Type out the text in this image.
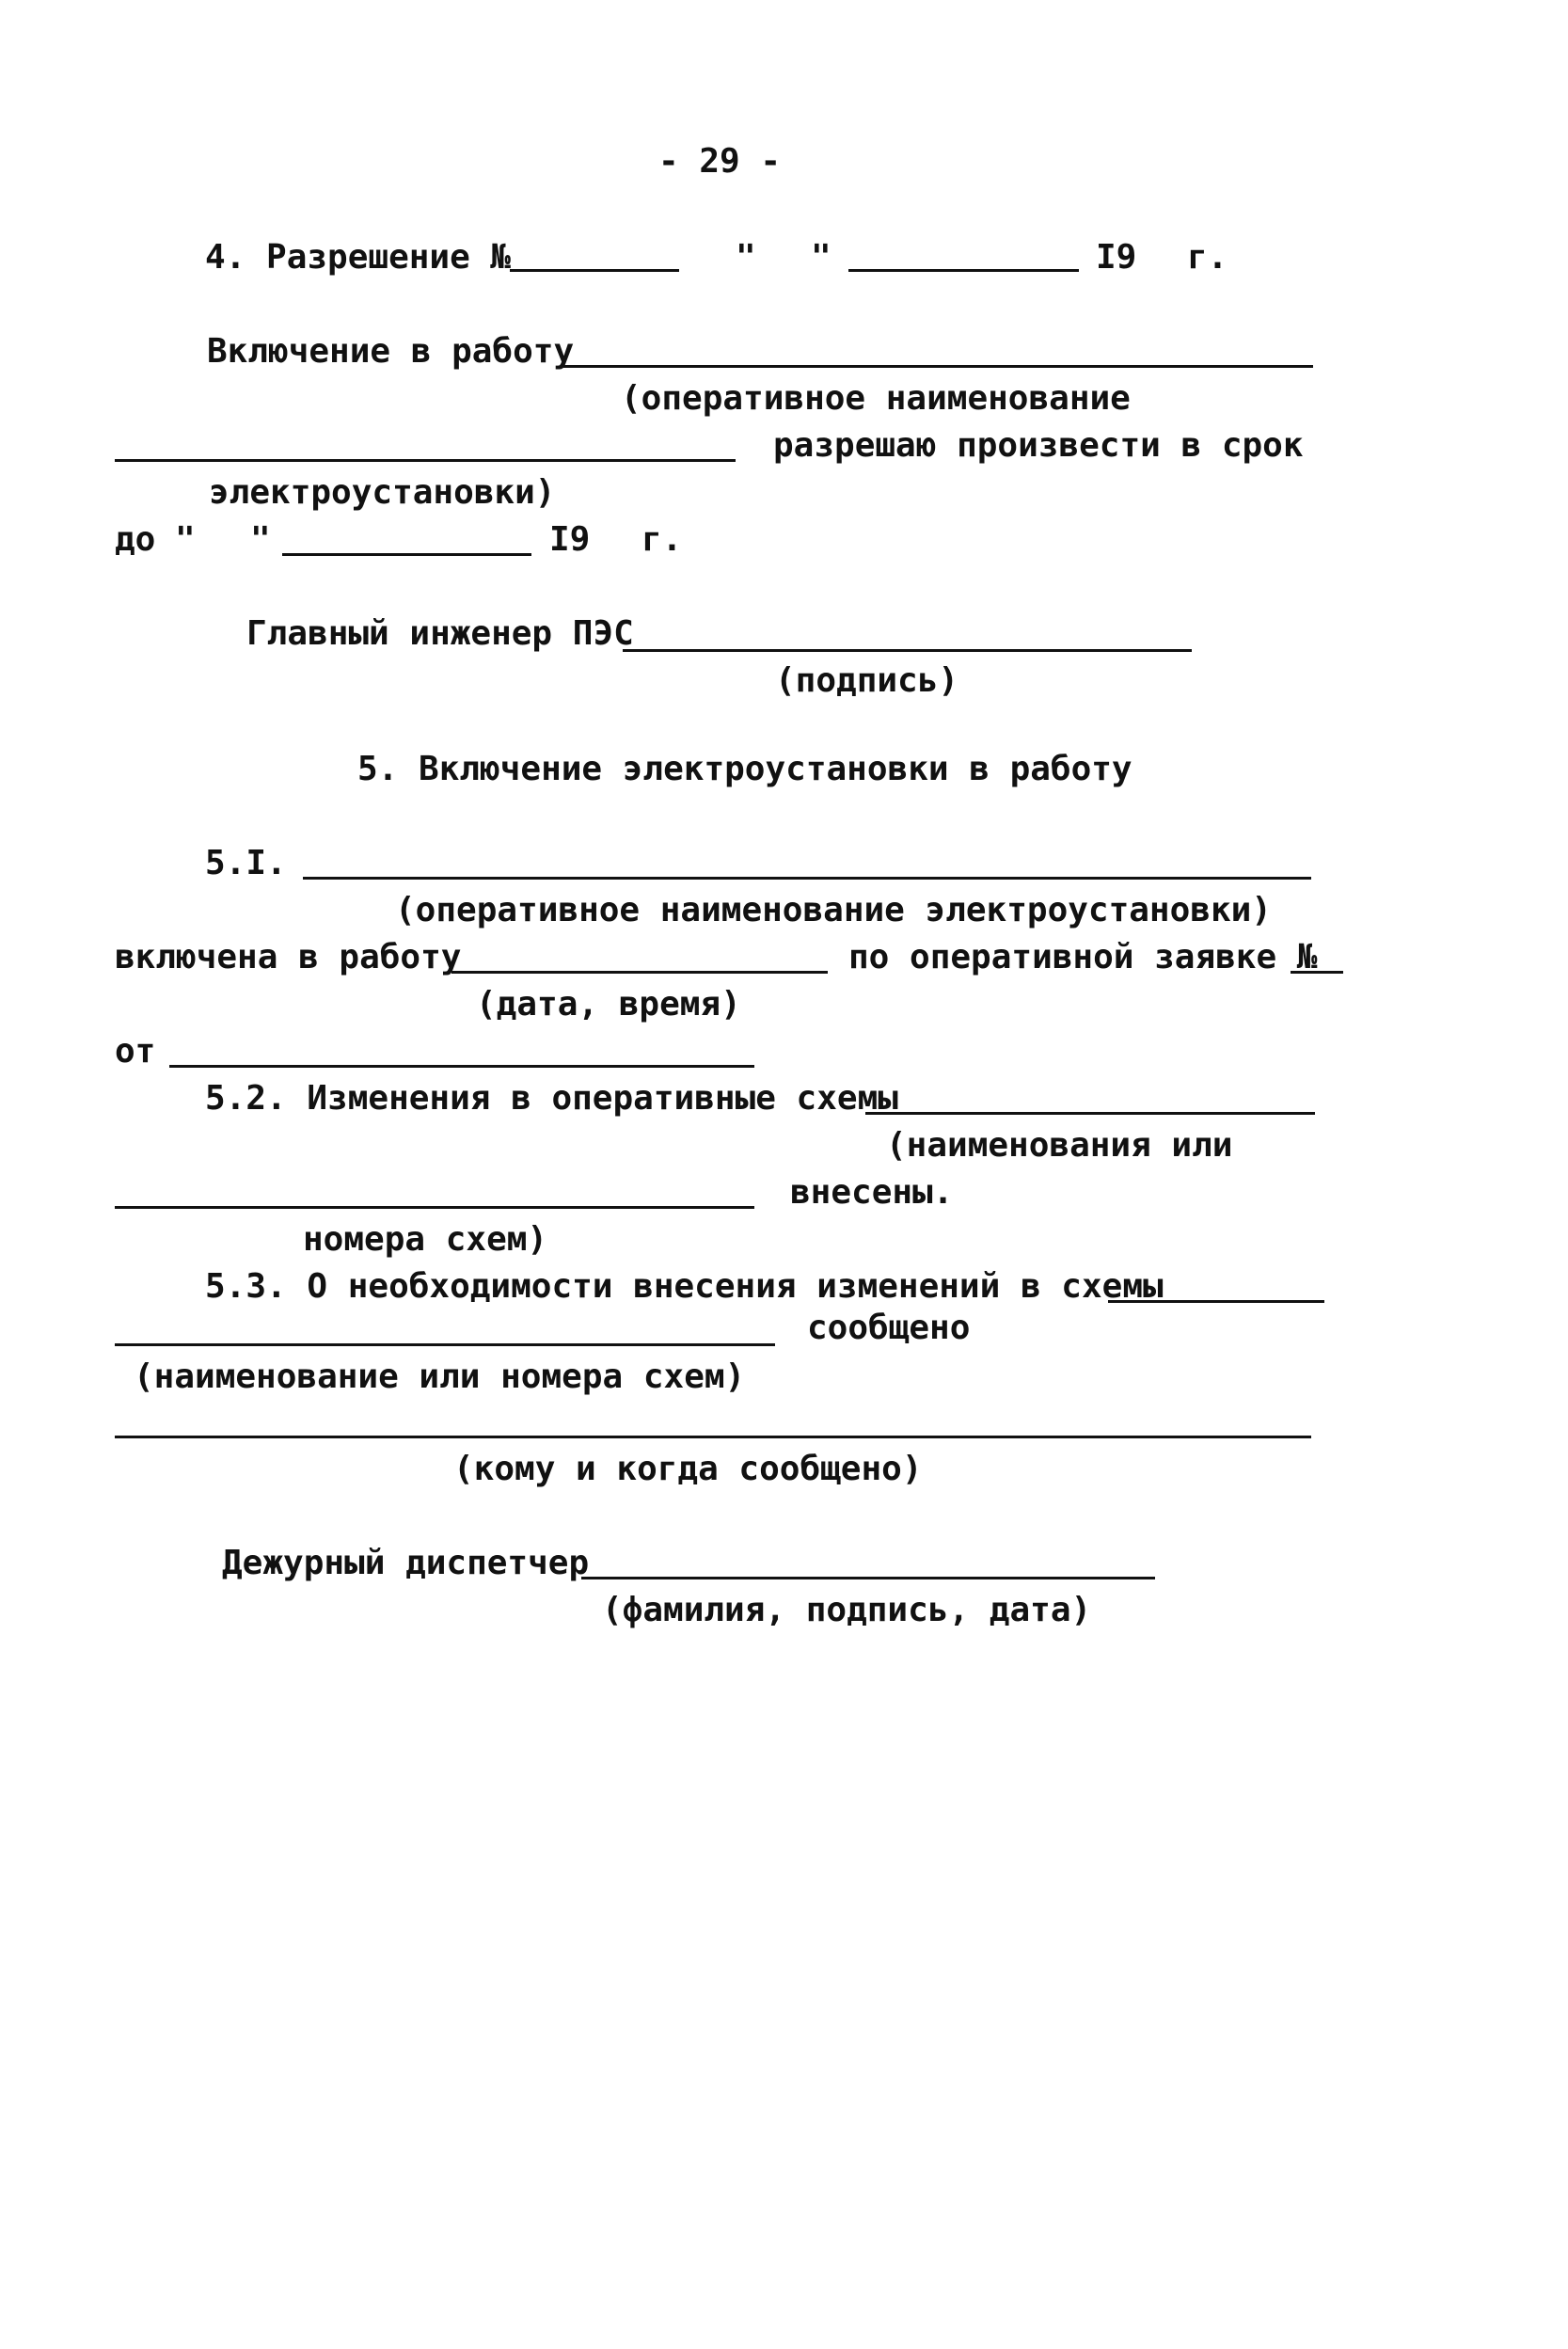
- 29 -
4. Разрешение №	" "	I9 г.
Включение в работу
(оперативное наименование
разрешаю произвести в срок
электроустановки)
до " "	I9 г.
Главный инженер ПЭС
(подпись)
5. Включение электроустановки в работу
5.I.
(оперативное наименование электроустановки)
включена в работу	по оперативной заявке №
(дата, время)
от
5.2. Изменения в оперативные схемы
(наименования или
внесены.
номера схем)
5.3. О необходимости внесения изменений в схемы
сообщено
(наименование или номера схем)
(кому и когда сообщено)
Дежурный диспетчер
(фамилия, подпись, дата)
